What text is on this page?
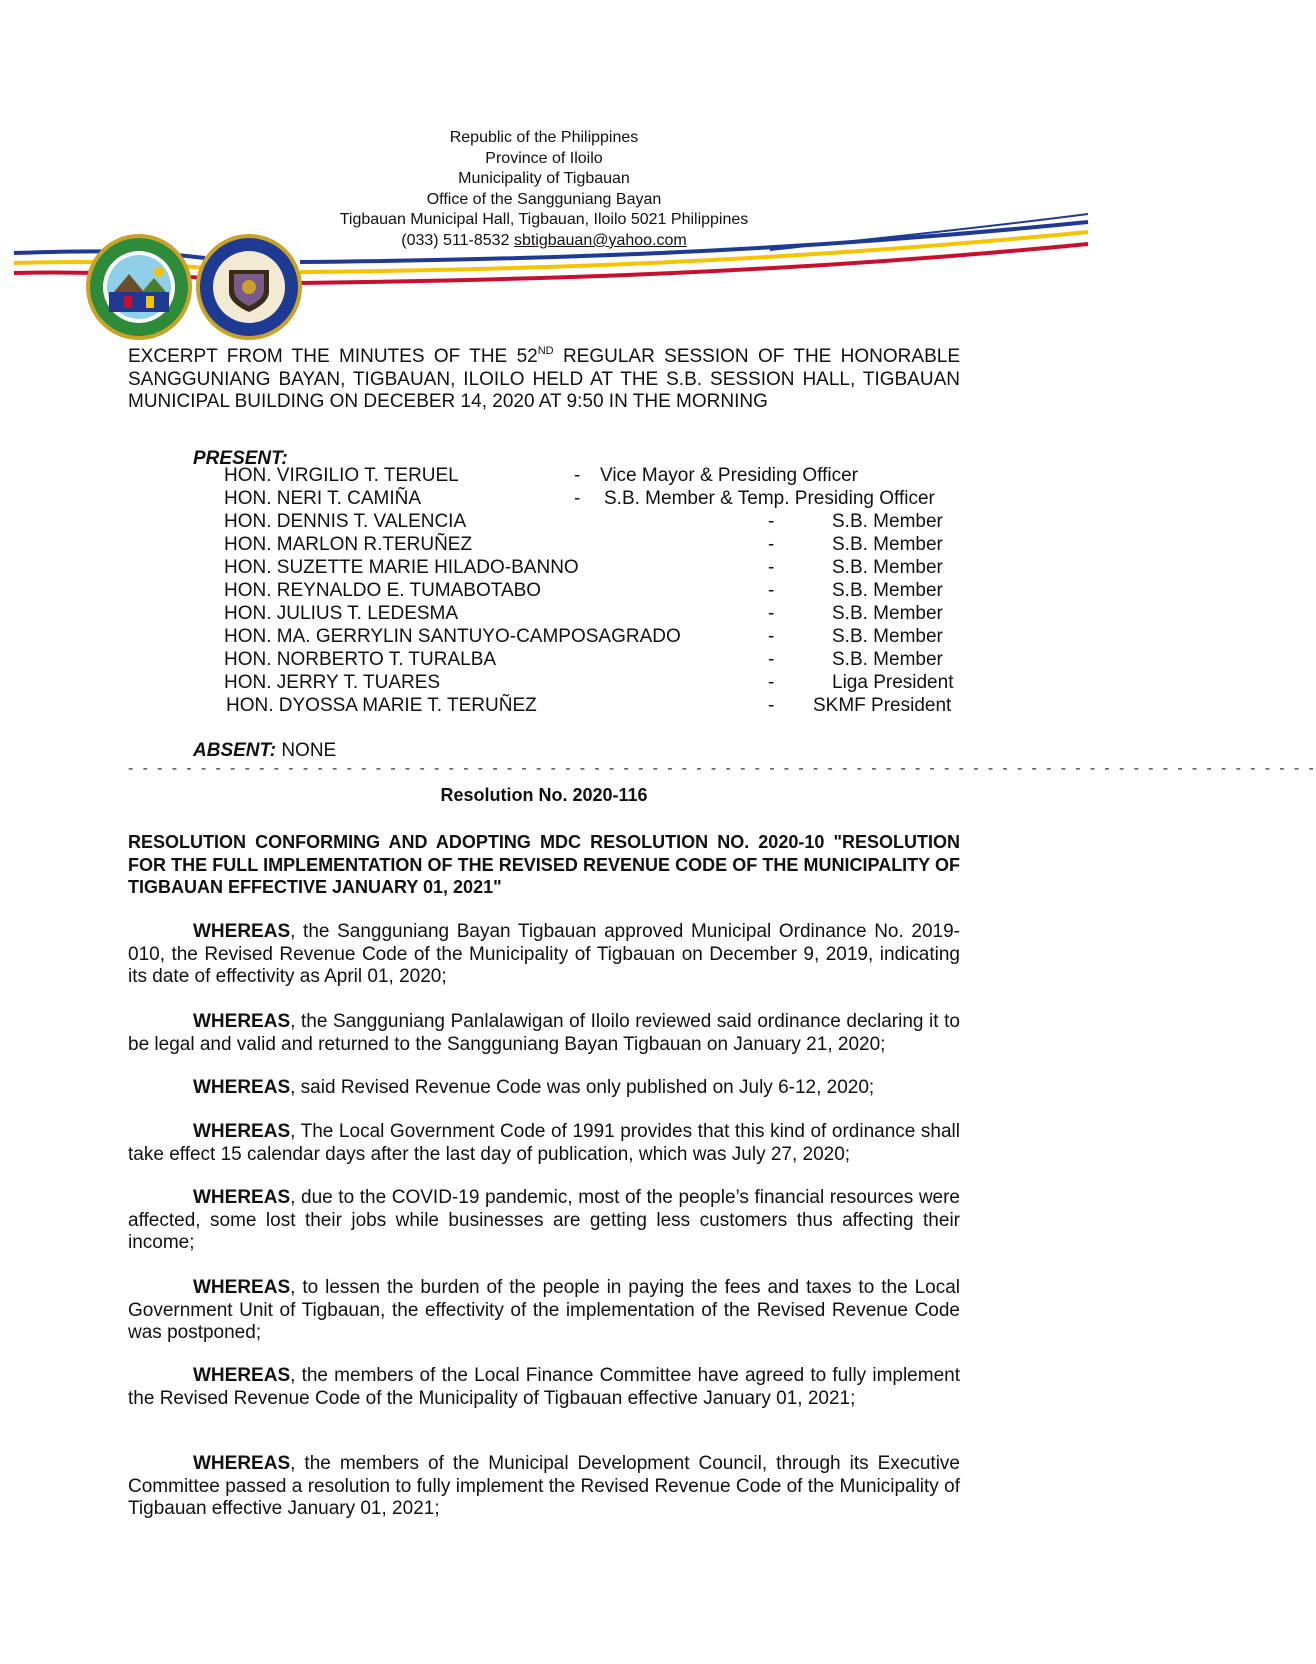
Republic of the Philippines
Province of Iloilo
Municipality of Tigbauan
Office of the Sangguniang Bayan
Tigbauan Municipal Hall, Tigbauan, Iloilo 5021 Philippines
(033) 511-8532 sbtigbauan@yahoo.com
EXCERPT FROM THE MINUTES OF THE 52ND REGULAR SESSION OF THE HONORABLE SANGGUNIANG BAYAN, TIGBAUAN, ILOILO HELD AT THE S.B. SESSION HALL, TIGBAUAN MUNICIPAL BUILDING ON DECEBER 14, 2020 AT 9:50 IN THE MORNING
PRESENT:
HON. VIRGILIO T. TERUEL	- Vice Mayor & Presiding Officer
HON. NERI T. CAMIÑA	- S.B. Member & Temp. Presiding Officer
HON. DENNIS T. VALENCIA	-	S.B. Member
HON. MARLON R.TERUÑEZ	-	S.B. Member
HON. SUZETTE MARIE HILADO-BANNO	-	S.B. Member
HON. REYNALDO E. TUMABOTABO	-	S.B. Member
HON. JULIUS T. LEDESMA	-	S.B. Member
HON. MA. GERRYLIN SANTUYO-CAMPOSAGRADO	-	S.B. Member
HON. NORBERTO T. TURALBA	-	S.B. Member
HON. JERRY T. TUARES	-	Liga President
HON. DYOSSA MARIE T. TERUÑEZ	- SKMF President
ABSENT: NONE
- - - - - - - - - - - - - - - - - - - - - - - - - - - - - - - - - - - - - - - - - - - - - - - - - - - - - - - - - - - - - - - - - - - - - - - - - - - - - - - - - -
Resolution No. 2020-116
RESOLUTION CONFORMING AND ADOPTING MDC RESOLUTION NO. 2020-10 "RESOLUTION FOR THE FULL IMPLEMENTATION OF THE REVISED REVENUE CODE OF THE MUNICIPALITY OF TIGBAUAN EFFECTIVE JANUARY 01, 2021"
WHEREAS, the Sangguniang Bayan Tigbauan approved Municipal Ordinance No. 2019-010, the Revised Revenue Code of the Municipality of Tigbauan on December 9, 2019, indicating its date of effectivity as April 01, 2020;
WHEREAS, the Sangguniang Panlalawigan of Iloilo reviewed said ordinance declaring it to be legal and valid and returned to the Sangguniang Bayan Tigbauan on January 21, 2020;
WHEREAS, said Revised Revenue Code was only published on July 6-12, 2020;
WHEREAS, The Local Government Code of 1991 provides that this kind of ordinance shall take effect 15 calendar days after the last day of publication, which was July 27, 2020;
WHEREAS, due to the COVID-19 pandemic, most of the people’s financial resources were affected, some lost their jobs while businesses are getting less customers thus affecting their income;
WHEREAS, to lessen the burden of the people in paying the fees and taxes to the Local Government Unit of Tigbauan, the effectivity of the implementation of the Revised Revenue Code was postponed;
WHEREAS, the members of the Local Finance Committee have agreed to fully implement the Revised Revenue Code of the Municipality of Tigbauan effective January 01, 2021;
WHEREAS, the members of the Municipal Development Council, through its Executive Committee passed a resolution to fully implement the Revised Revenue Code of the Municipality of Tigbauan effective January 01, 2021;
